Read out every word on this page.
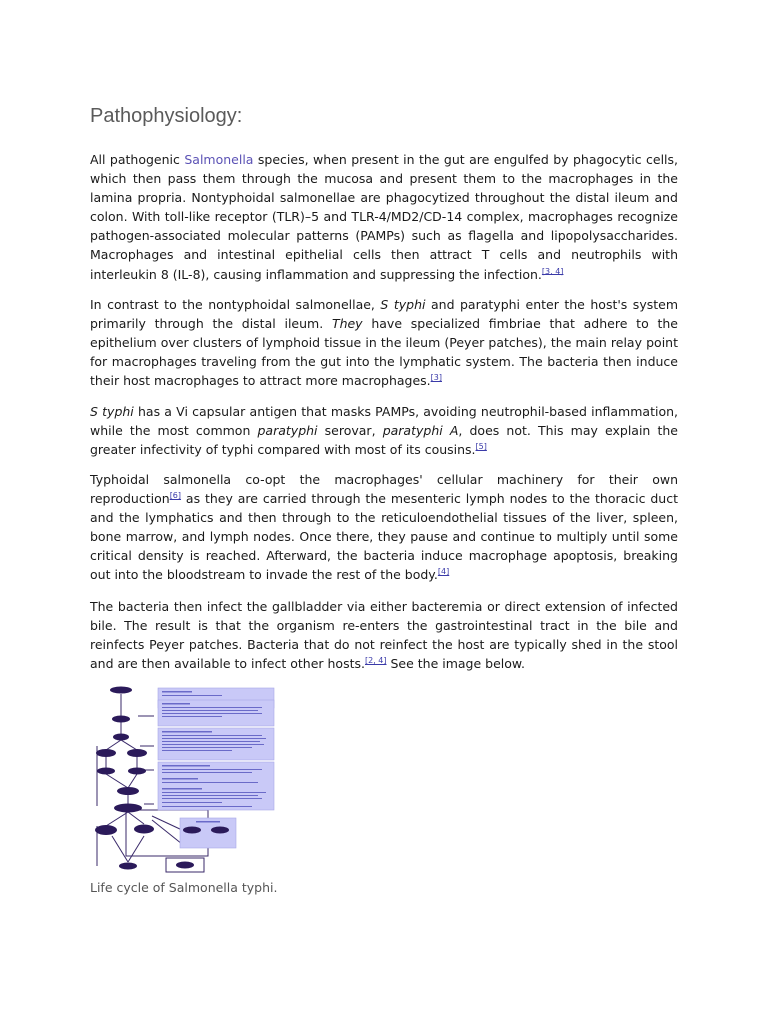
Pathophysiology:

All pathogenic Salmonella species, when present in the gut are engulfed by phagocytic cells, which then pass them through the mucosa and present them to the macrophages in the lamina propria. Nontyphoidal salmonellae are phagocytized throughout the distal ileum and colon. With toll-like receptor (TLR)–5 and TLR-4/MD2/CD-14 complex, macrophages recognize pathogen-associated molecular patterns (PAMPs) such as flagella and lipopolysaccharides. Macrophages and intestinal epithelial cells then attract T cells and neutrophils with interleukin 8 (IL-8), causing inflammation and suppressing the infection.[3, 4]

In contrast to the nontyphoidal salmonellae, S typhi and paratyphi enter the host's system primarily through the distal ileum. They have specialized fimbriae that adhere to the epithelium over clusters of lymphoid tissue in the ileum (Peyer patches), the main relay point for macrophages traveling from the gut into the lymphatic system. The bacteria then induce their host macrophages to attract more macrophages.[3]

S typhi has a Vi capsular antigen that masks PAMPs, avoiding neutrophil-based inflammation, while the most common paratyphi serovar, paratyphi A, does not. This may explain the greater infectivity of typhi compared with most of its cousins.[5]

Typhoidal salmonella co-opt the macrophages' cellular machinery for their own reproduction[6] as they are carried through the mesenteric lymph nodes to the thoracic duct and the lymphatics and then through to the reticuloendothelial tissues of the liver, spleen, bone marrow, and lymph nodes. Once there, they pause and continue to multiply until some critical density is reached. Afterward, the bacteria induce macrophage apoptosis, breaking out into the bloodstream to invade the rest of the body.[4]

The bacteria then infect the gallbladder via either bacteremia or direct extension of infected bile. The result is that the organism re-enters the gastrointestinal tract in the bile and reinfects Peyer patches. Bacteria that do not reinfect the host are typically shed in the stool and are then available to infect other hosts.[2, 4] See the image below.

Life cycle of Salmonella typhi.
